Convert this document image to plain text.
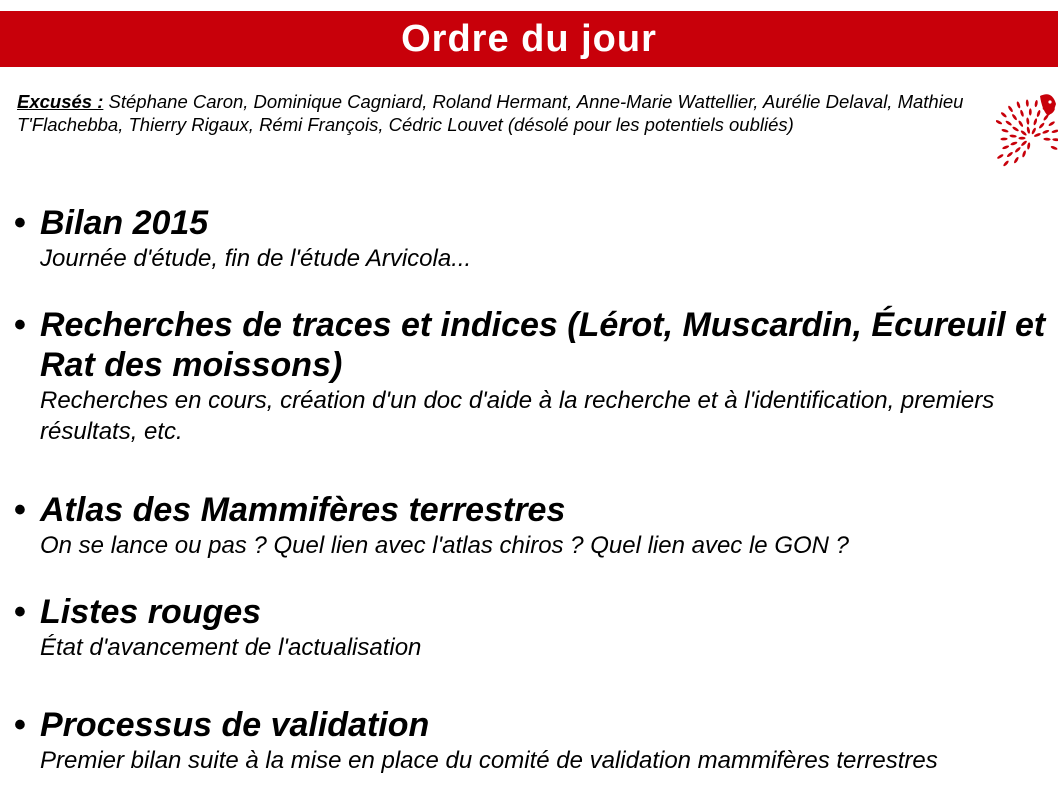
Ordre du jour
Excusés : Stéphane Caron, Dominique Cagniard, Roland Hermant, Anne-Marie Wattellier, Aurélie Delaval, Mathieu T'Flachebba, Thierry Rigaux, Rémi François, Cédric Louvet (désolé pour les potentiels oubliés)
• Bilan 2015
Journée d'étude, fin de l'étude Arvicola...
• Recherches de traces et indices (Lérot, Muscardin, Écureuil et Rat des moissons)
Recherches en cours, création d'un doc d'aide à la recherche et à l'identification, premiers résultats, etc.
• Atlas des Mammifères terrestres
On se lance ou pas ? Quel lien avec l'atlas chiros ? Quel lien avec le GON ?
• Listes rouges
État d'avancement de l'actualisation
• Processus de validation
Premier bilan suite à la mise en place du comité de validation mammifères terrestres
